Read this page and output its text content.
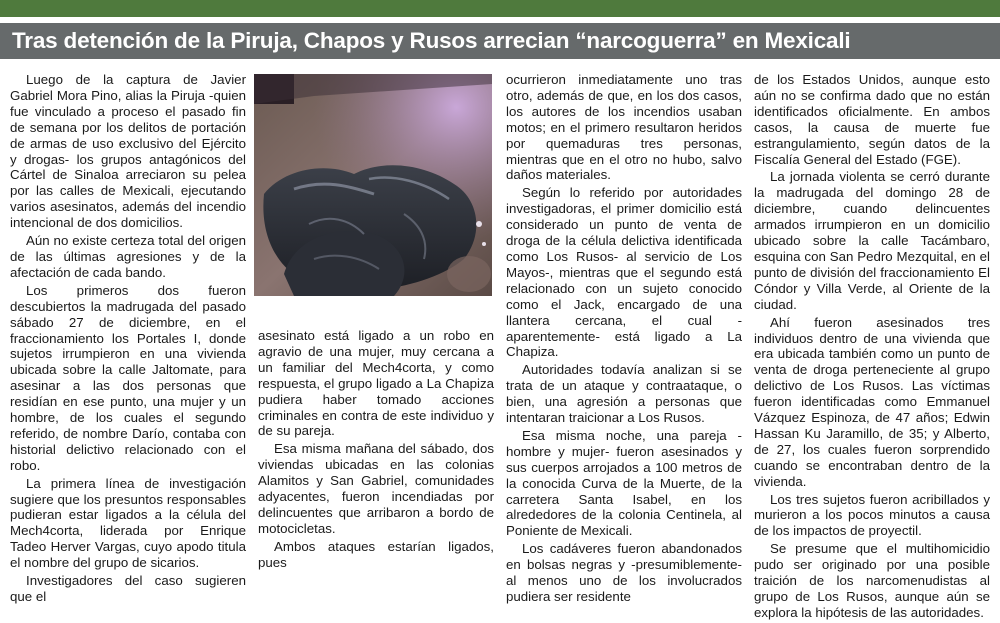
Tras detención de la Piruja, Chapos y Rusos arrecian “narcoguerra” en Mexicali

Luego de la captura de Javier Gabriel Mora Pino, alias la Piruja -quien fue vinculado a proceso el pasado fin de semana por los delitos de portación de armas de uso exclusivo del Ejército y drogas- los grupos antagónicos del Cártel de Sinaloa arreciaron su pelea por las calles de Mexicali, ejecutando varios asesinatos, además del incendio intencional de dos domicilios.

Aún no existe certeza total del origen de las últimas agresiones y de la afectación de cada bando.

Los primeros dos fueron descubiertos la madrugada del pasado sábado 27 de diciembre, en el fraccionamiento los Portales I, donde sujetos irrumpieron en una vivienda ubicada sobre la calle Jaltomate, para asesinar a las dos personas que residían en ese punto, una mujer y un hombre, de los cuales el segundo referido, de nombre Darío, contaba con historial delictivo relacionado con el robo.

La primera línea de investigación sugiere que los presuntos responsables pudieran estar ligados a la célula del Mech4corta, liderada por Enrique Tadeo Herver Vargas, cuyo apodo titula el nombre del grupo de sicarios.

Investigadores del caso sugieren que el

asesinato está ligado a un robo en agravio de una mujer, muy cercana a un familiar del Mech4corta, y como respuesta, el grupo ligado a La Chapiza pudiera haber tomado acciones criminales en contra de este individuo y de su pareja.

Esa misma mañana del sábado, dos viviendas ubicadas en las colonias Alamitos y San Gabriel, comunidades adyacentes, fueron incendiadas por delincuentes que arribaron a bordo de motocicletas.

Ambos ataques estarían ligados, pues

ocurrieron inmediatamente uno tras otro, además de que, en los dos casos, los autores de los incendios usaban motos; en el primero resultaron heridos por quemaduras tres personas, mientras que en el otro no hubo, salvo daños materiales.

Según lo referido por autoridades investigadoras, el primer domicilio está considerado un punto de venta de droga de la célula delictiva identificada como Los Rusos- al servicio de Los Mayos-, mientras que el segundo está relacionado con un sujeto conocido como el Jack, encargado de una llantera cercana, el cual -aparentemente- está ligado a La Chapiza.

Autoridades todavía analizan si se trata de un ataque y contraataque, o bien, una agresión a personas que intentaran traicionar a Los Rusos.

Esa misma noche, una pareja -hombre y mujer- fueron asesinados y sus cuerpos arrojados a 100 metros de la conocida Curva de la Muerte, de la carretera Santa Isabel, en los alrededores de la colonia Centinela, al Poniente de Mexicali.

Los cadáveres fueron abandonados en bolsas negras y -presumiblemente- al menos uno de los involucrados pudiera ser residente

de los Estados Unidos, aunque esto aún no se confirma dado que no están identificados oficialmente. En ambos casos, la causa de muerte fue estrangulamiento, según datos de la Fiscalía General del Estado (FGE).

La jornada violenta se cerró durante la madrugada del domingo 28 de diciembre, cuando delincuentes armados irrumpieron en un domicilio ubicado sobre la calle Tacámbaro, esquina con San Pedro Mezquital, en el punto de división del fraccionamiento El Cóndor y Villa Verde, al Oriente de la ciudad.

Ahí fueron asesinados tres individuos dentro de una vivienda que era ubicada también como un punto de venta de droga perteneciente al grupo delictivo de Los Rusos. Las víctimas fueron identificadas como Emmanuel Vázquez Espinoza, de 47 años; Edwin Hassan Ku Jaramillo, de 35; y Alberto, de 27, los cuales fueron sorprendido cuando se encontraban dentro de la vivienda.

Los tres sujetos fueron acribillados y murieron a los pocos minutos a causa de los impactos de proyectil.

Se presume que el multihomicidio pudo ser originado por una posible traición de los narcomenudistas al grupo de Los Rusos, aunque aún se explora la hipótesis de las autoridades.
